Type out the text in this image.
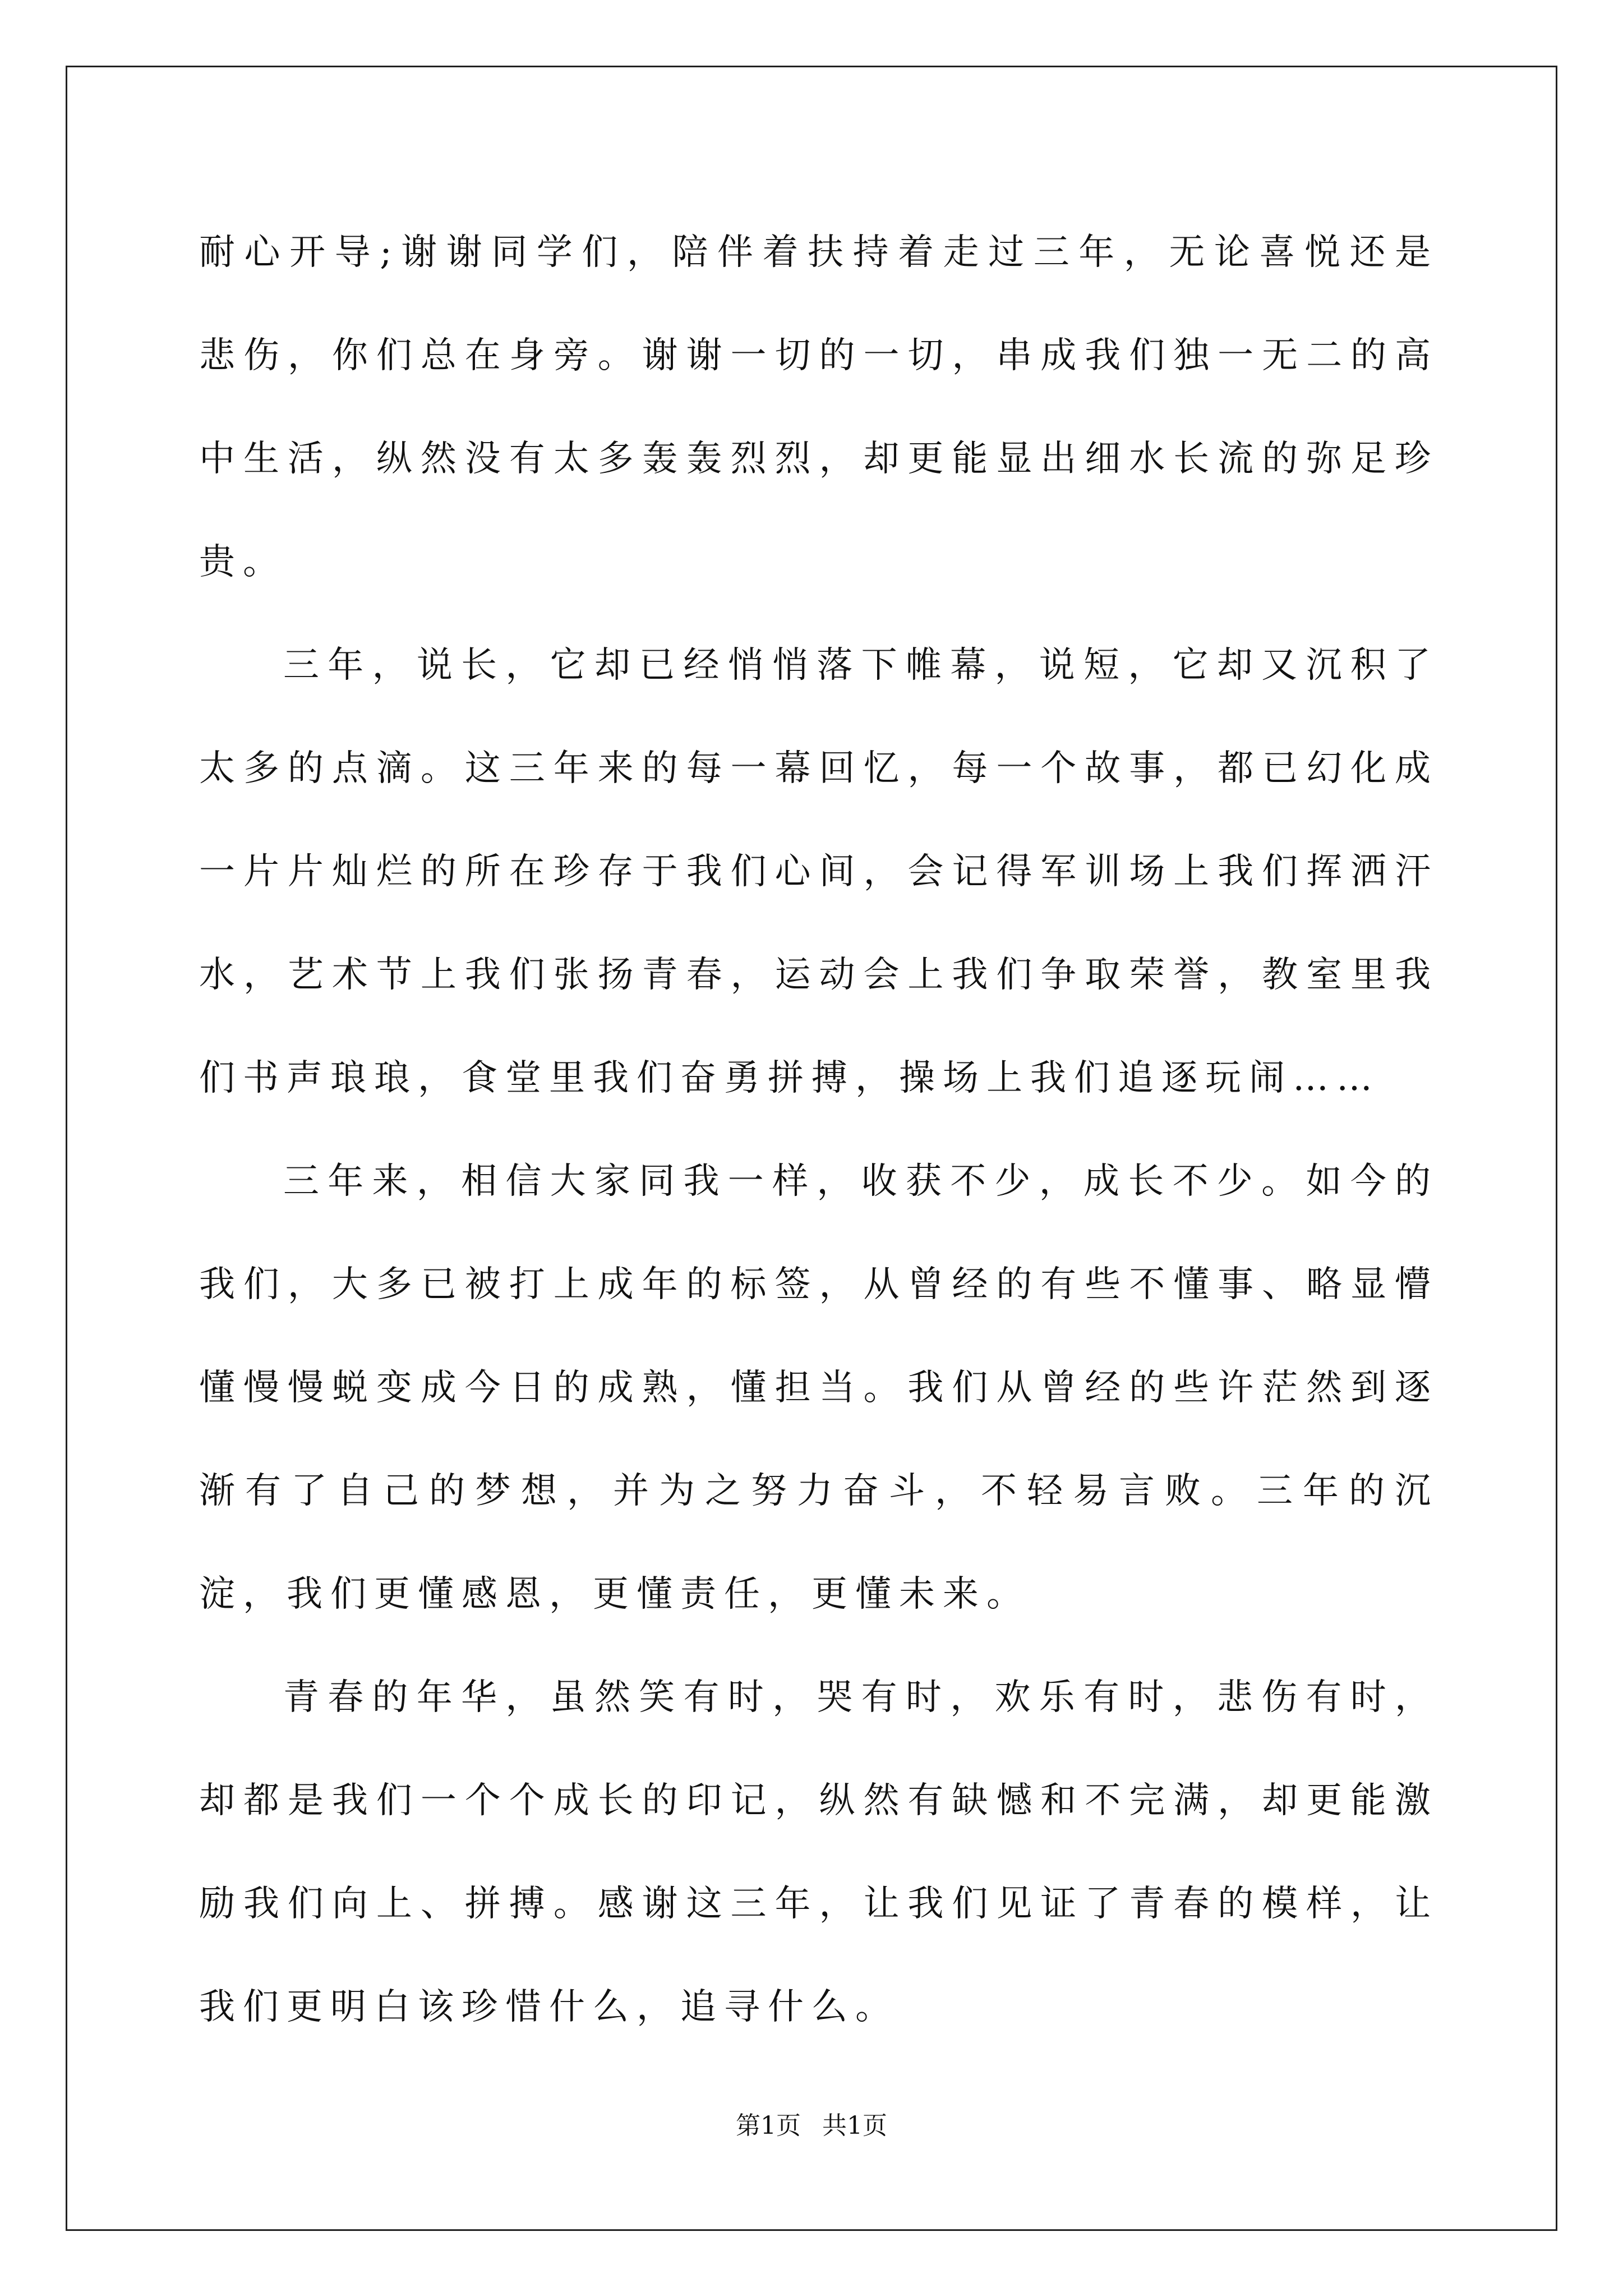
耐心开导;谢谢同学们，陪伴着扶持着走过三年，无论喜悦还是悲伤，你们总在身旁。谢谢一切的一切，串成我们独一无二的高中生活，纵然没有太多轰轰烈烈，却更能显出细水长流的弥足珍贵。

三年，说长，它却已经悄悄落下帷幕，说短，它却又沉积了太多的点滴。这三年来的每一幕回忆，每一个故事，都已幻化成一片片灿烂的所在珍存于我们心间，会记得军训场上我们挥洒汗水，艺术节上我们张扬青春，运动会上我们争取荣誉，教室里我们书声琅琅，食堂里我们奋勇拼搏，操场上我们追逐玩闹……

三年来，相信大家同我一样，收获不少，成长不少。如今的我们，大多已被打上成年的标签，从曾经的有些不懂事、略显懵懂慢慢蜕变成今日的成熟，懂担当。我们从曾经的些许茫然到逐渐有了自己的梦想，并为之努力奋斗，不轻易言败。三年的沉淀，我们更懂感恩，更懂责任，更懂未来。

青春的年华，虽然笑有时，哭有时，欢乐有时，悲伤有时，却都是我们一个个成长的印记，纵然有缺憾和不完满，却更能激励我们向上、拼搏。感谢这三年，让我们见证了青春的模样，让我们更明白该珍惜什么，追寻什么。

第1页 共1页
